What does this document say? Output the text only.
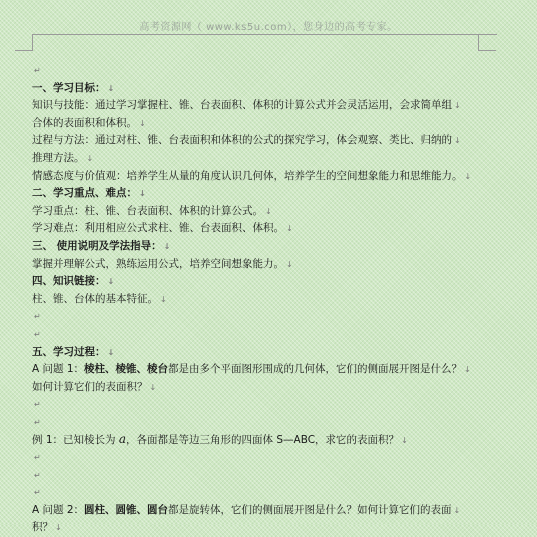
高考资源网（ www.ks5u.com），您身边的高考专家。
↵
一、学习目标： ↓
知识与技能：通过学习掌握柱、锥、台表面积、体积的计算公式并会灵活运用，会求简单组 ↓
合体的表面积和体积。 ↓
过程与方法：通过对柱、锥、台表面积和体积的公式的探究学习，体会观察、类比、归纳的 ↓
推理方法。 ↓
情感态度与价值观：培养学生从量的角度认识几何体，培养学生的空间想象能力和思维能力。 ↓
二、学习重点、难点： ↓
学习重点：柱、锥、台表面积、体积的计算公式。 ↓
学习难点：利用相应公式求柱、锥、台表面积、体积。 ↓
三、 使用说明及学法指导： ↓
掌握并理解公式，熟练运用公式，培养空间想象能力。 ↓
四、知识链接： ↓
柱、锥、台体的基本特征。 ↓
↵
↵
五、学习过程： ↓
A 问题 1：棱柱、棱锥、棱台都是由多个平面图形围成的几何体，它们的侧面展开图是什么？ ↓
如何计算它们的表面积？ ↓
↵
↵
例 1：已知棱长为 a，各面都是等边三角形的四面体 S—ABC，求它的表面积？ ↓
↵
↵
↵
A 问题 2：圆柱、圆锥、圆台都是旋转体，它们的侧面展开图是什么？如何计算它们的表面 ↓
积？ ↓
